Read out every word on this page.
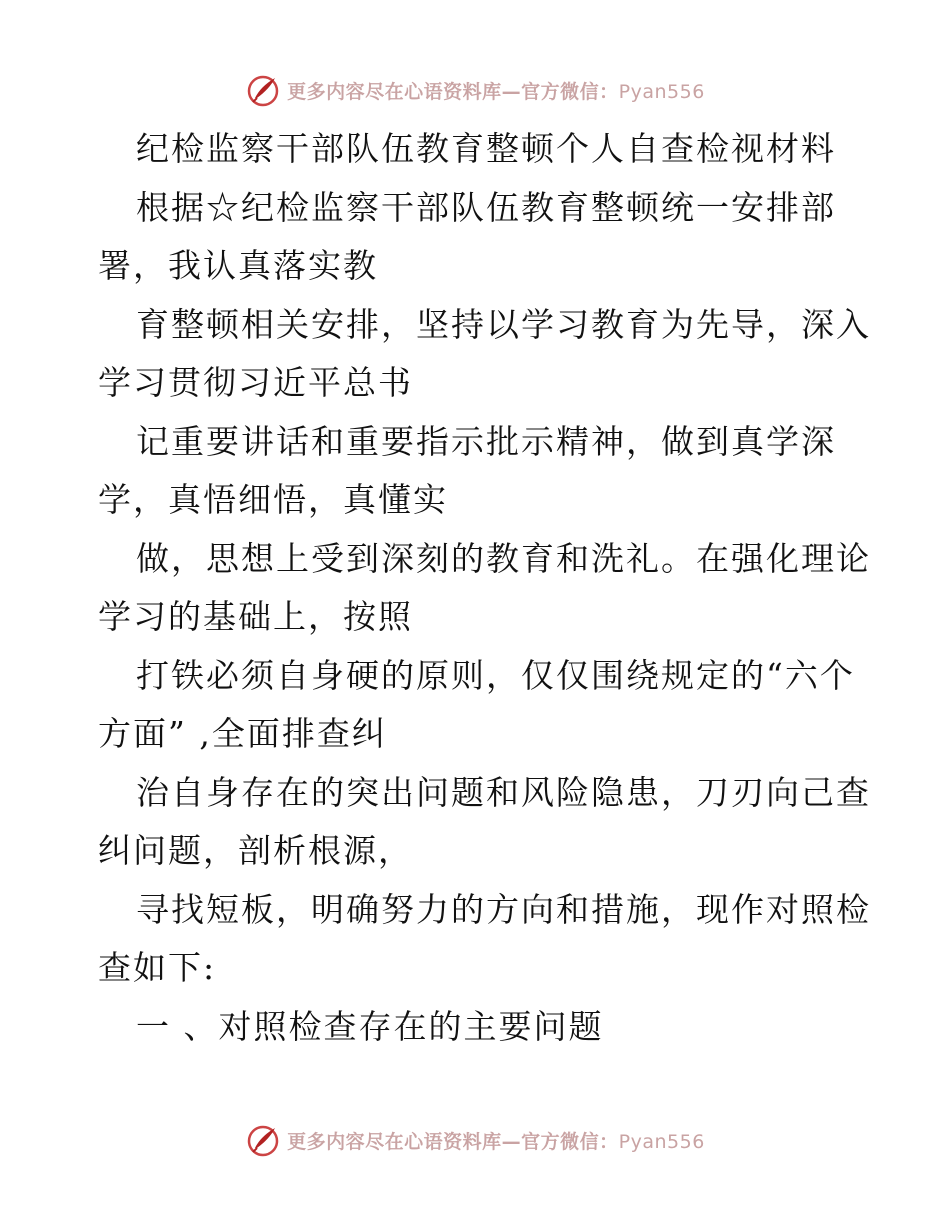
更多内容尽在心语资料库—官方微信：Pyan556
纪检监察干部队伍教育整顿个人自查检视材料
根据☆纪检监察干部队伍教育整顿统一安排部
署，我认真落实教
育整顿相关安排，坚持以学习教育为先导，深入
学习贯彻习近平总书
记重要讲话和重要指示批示精神，做到真学深
学，真悟细悟，真懂实
做，思想上受到深刻的教育和洗礼。在强化理论
学习的基础上，按照
打铁必须自身硬的原则，仅仅围绕规定的“六个
方面” ,全面排查纠
治自身存在的突出问题和风险隐患，刀刃向己查
纠问题，剖析根源，
寻找短板，明确努力的方向和措施，现作对照检
查如下:
一 、对照检查存在的主要问题
更多内容尽在心语资料库—官方微信：Pyan556
